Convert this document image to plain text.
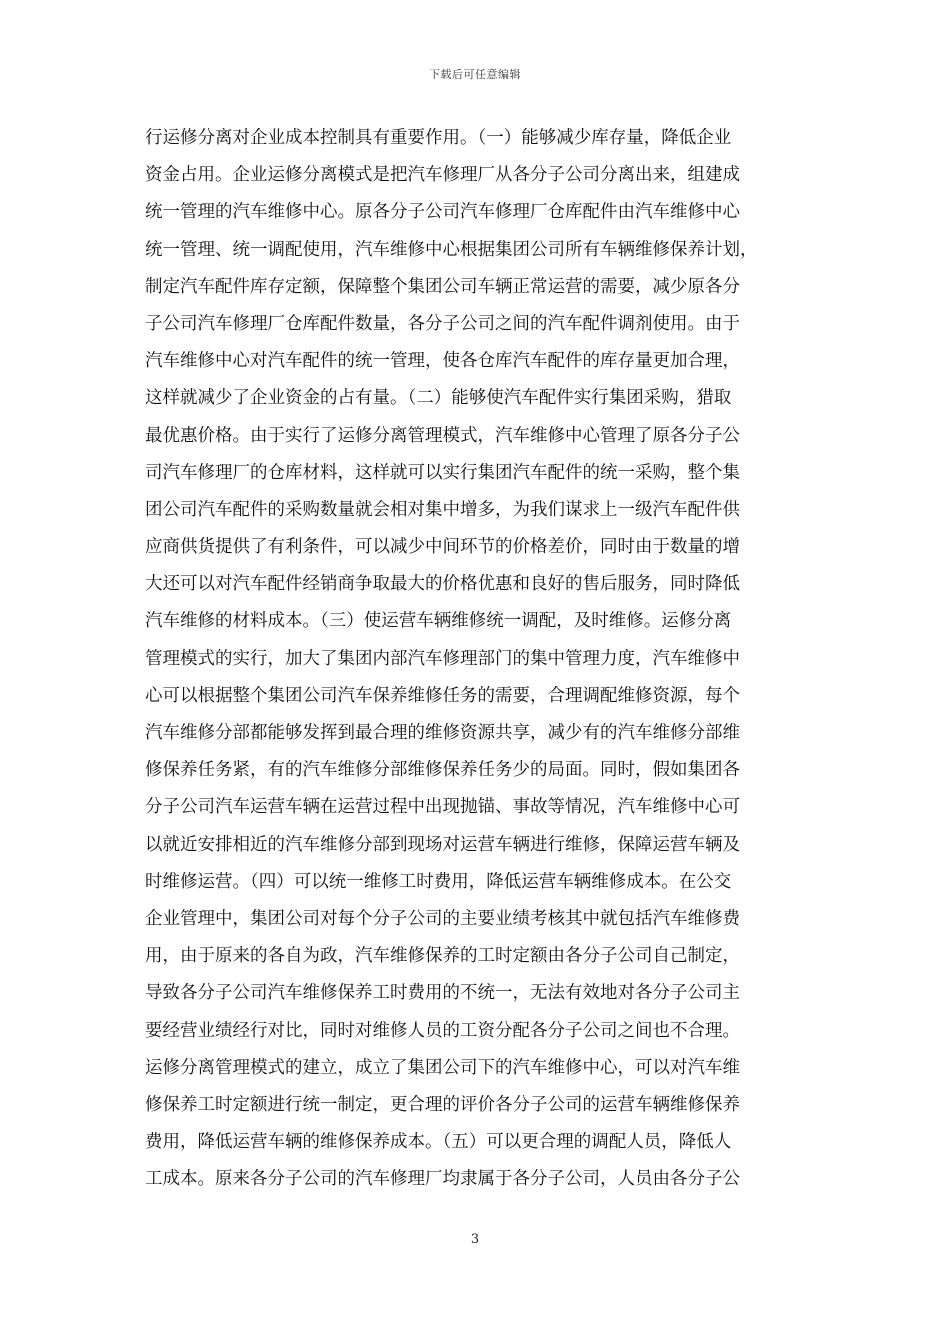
下载后可任意编辑
行运修分离对企业成本控制具有重要作用。（一）能够减少库存量，降低企业
资金占用。企业运修分离模式是把汽车修理厂从各分子公司分离出来，组建成
统一管理的汽车维修中心。原各分子公司汽车修理厂仓库配件由汽车维修中心
统一管理、统一调配使用，汽车维修中心根据集团公司所有车辆维修保养计划，
制定汽车配件库存定额，保障整个集团公司车辆正常运营的需要，减少原各分
子公司汽车修理厂仓库配件数量，各分子公司之间的汽车配件调剂使用。由于
汽车维修中心对汽车配件的统一管理，使各仓库汽车配件的库存量更加合理，
这样就减少了企业资金的占有量。（二）能够使汽车配件实行集团采购，猎取
最优惠价格。由于实行了运修分离管理模式，汽车维修中心管理了原各分子公
司汽车修理厂的仓库材料，这样就可以实行集团汽车配件的统一采购，整个集
团公司汽车配件的采购数量就会相对集中增多，为我们谋求上一级汽车配件供
应商供货提供了有利条件，可以减少中间环节的价格差价，同时由于数量的增
大还可以对汽车配件经销商争取最大的价格优惠和良好的售后服务，同时降低
汽车维修的材料成本。（三）使运营车辆维修统一调配，及时维修。运修分离
管理模式的实行，加大了集团内部汽车修理部门的集中管理力度，汽车维修中
心可以根据整个集团公司汽车保养维修任务的需要，合理调配维修资源，每个
汽车维修分部都能够发挥到最合理的维修资源共享，减少有的汽车维修分部维
修保养任务紧，有的汽车维修分部维修保养任务少的局面。同时，假如集团各
分子公司汽车运营车辆在运营过程中出现抛锚、事故等情况，汽车维修中心可
以就近安排相近的汽车维修分部到现场对运营车辆进行维修，保障运营车辆及
时维修运营。（四）可以统一维修工时费用，降低运营车辆维修成本。在公交
企业管理中，集团公司对每个分子公司的主要业绩考核其中就包括汽车维修费
用，由于原来的各自为政，汽车维修保养的工时定额由各分子公司自己制定，
导致各分子公司汽车维修保养工时费用的不统一，无法有效地对各分子公司主
要经营业绩经行对比，同时对维修人员的工资分配各分子公司之间也不合理。
运修分离管理模式的建立，成立了集团公司下的汽车维修中心，可以对汽车维
修保养工时定额进行统一制定，更合理的评价各分子公司的运营车辆维修保养
费用，降低运营车辆的维修保养成本。（五）可以更合理的调配人员，降低人
工成本。原来各分子公司的汽车修理厂均隶属于各分子公司，人员由各分子公
3
